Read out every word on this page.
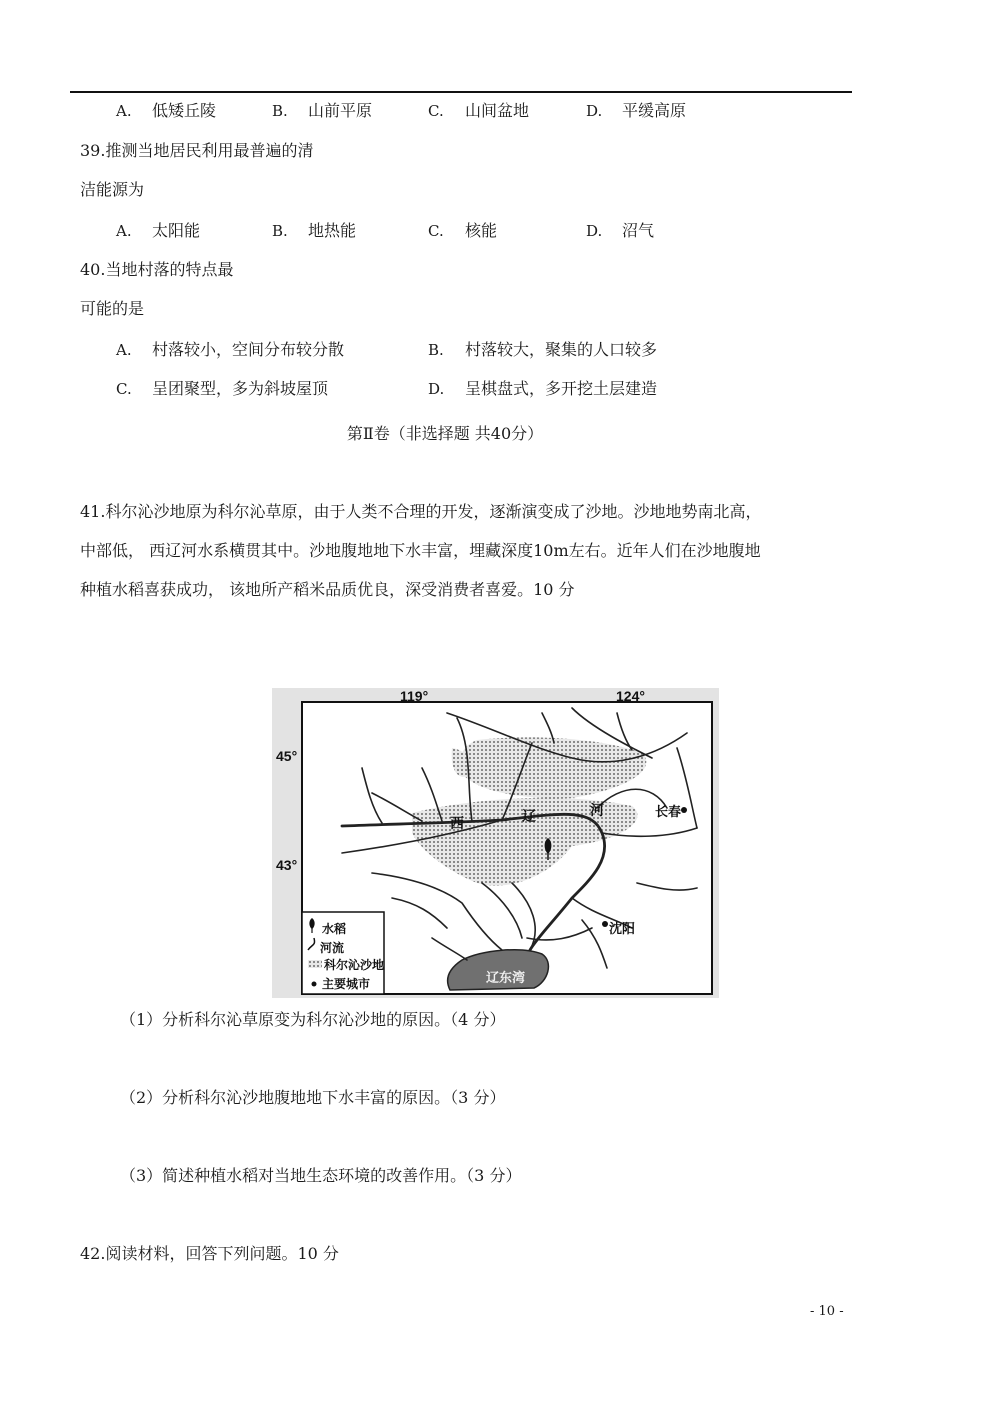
A. 低矮丘陵	B. 山前平原	C. 山间盆地	D. 平缓高原
39.推测当地居民利用最普遍的清
洁能源为
A. 太阳能	B. 地热能	C. 核能	D. 沼气
40.当地村落的特点最
可能的是
A. 村落较小，空间分布较分散	B. 村落较大，聚集的人口较多
C. 呈团聚型，多为斜坡屋顶	D. 呈棋盘式，多开挖土层建造
第Ⅱ卷（非选择题 共40分）
41.科尔沁沙地原为科尔沁草原，由于人类不合理的开发，逐渐演变成了沙地。沙地地势南北高，
中部低， 西辽河水系横贯其中。沙地腹地地下水丰富，埋藏深度10m左右。近年人们在沙地腹地
种植水稻喜获成功， 该地所产稻米品质优良，深受消费者喜爱。10 分
119°	124°
45°
43°
西	辽	河	长春
沈阳
辽东湾
水稻
河流
科尔沁沙地
主要城市
（1）分析科尔沁草原变为科尔沁沙地的原因。（4 分）
（2）分析科尔沁沙地腹地地下水丰富的原因。（3 分）
（3）简述种植水稻对当地生态环境的改善作用。（3 分）
42.阅读材料，回答下列问题。10 分
- 10 -
